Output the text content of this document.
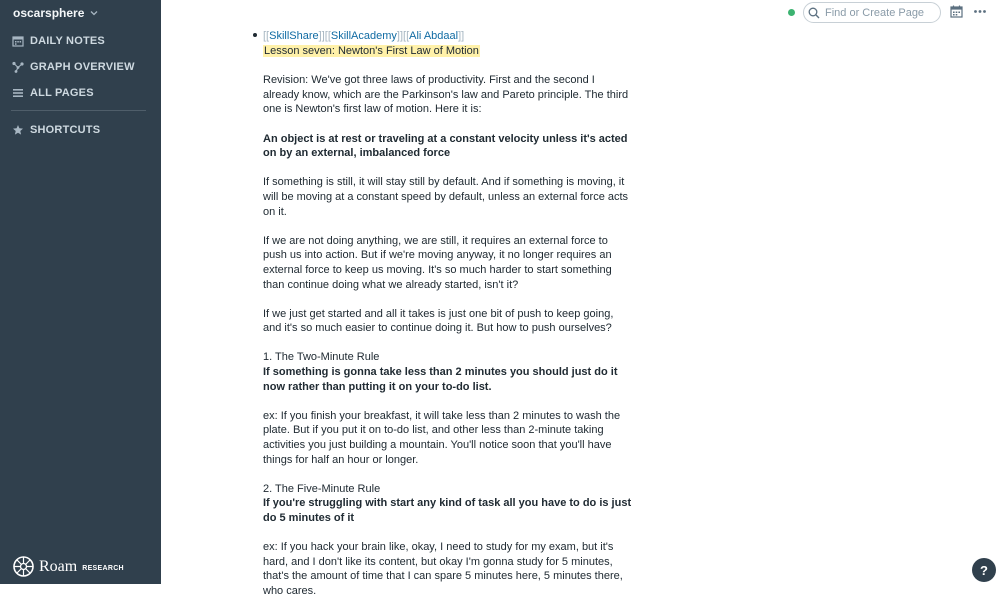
oscarsphere
DAILY NOTES
GRAPH OVERVIEW
ALL PAGES
SHORTCUTS
Roam RESEARCH
Find or Create Page
[[SkillShare]][[SkillAcademy]][[Ali Abdaal]]
Lesson seven: Newton's First Law of Motion

Revision: We've got three laws of productivity. First and the second I already know, which are the Parkinson's law and Pareto principle. The third one is Newton's first law of motion. Here it is:

An object is at rest or traveling at a constant velocity unless it's acted on by an external, imbalanced force

If something is still, it will stay still by default. And if something is moving, it will be moving at a constant speed by default, unless an external force acts on it.

If we are not doing anything, we are still, it requires an external force to push us into action. But if we're moving anyway, it no longer requires an external force to keep us moving. It's so much harder to start something than continue doing what we already started, isn't it?

If we just get started and all it takes is just one bit of push to keep going, and it's so much easier to continue doing it. But how to push ourselves?

1. The Two-Minute Rule

If something is gonna take less than 2 minutes you should just do it now rather than putting it on your to-do list.

ex: If you finish your breakfast, it will take less than 2 minutes to wash the plate. But if you put it on to-do list, and other less than 2-minute taking activities you just building a mountain. You'll notice soon that you'll have things for half an hour or longer.

2. The Five-Minute Rule

If you're struggling with start any kind of task all you have to do is just do 5 minutes of it

ex: If you hack your brain like, okay, I need to study for my exam, but it's hard, and I don't like its content, but okay I'm gonna study for 5 minutes, that's the amount of time that I can spare 5 minutes here, 5 minutes there, who cares.

?
